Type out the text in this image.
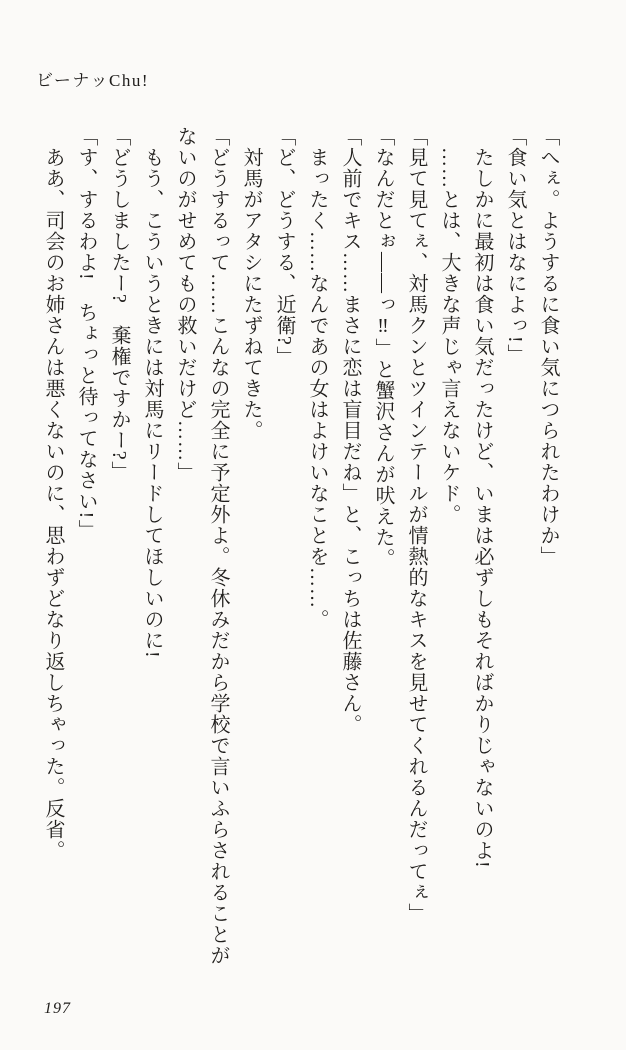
ビーナッChu!

「へぇ。ようするに食い気につられたわけか」

「食い気とはなによっ!」

たしかに最初は食い気だったけど、いまは必ずしもそればかりじゃないのよ!

……とは、大きな声じゃ言えないケド。

「見て見てぇ、対馬クンとツインテールが情熱的なキスを見せてくれるんだってぇ」

「なんだとぉ――っ‼」と蟹沢さんが吠えた。

「人前でキス……まさに恋は盲目だね」と、こっちは佐藤さん。

まったく……なんであの女はよけいなことを……。

「ど、どうする、近衛?」

対馬がアタシにたずねてきた。

「どうするって……こんなの完全に予定外よ。冬休みだから学校で言いふらされることがないのがせめてもの救いだけど……」

もう、こういうときには対馬にリードしてほしいのに!

「どうしましたー?　棄権ですかー?」

「す、するわよ!　ちょっと待ってなさい!」

ああ、司会のお姉さんは悪くないのに、思わずどなり返しちゃった。反省。

197
